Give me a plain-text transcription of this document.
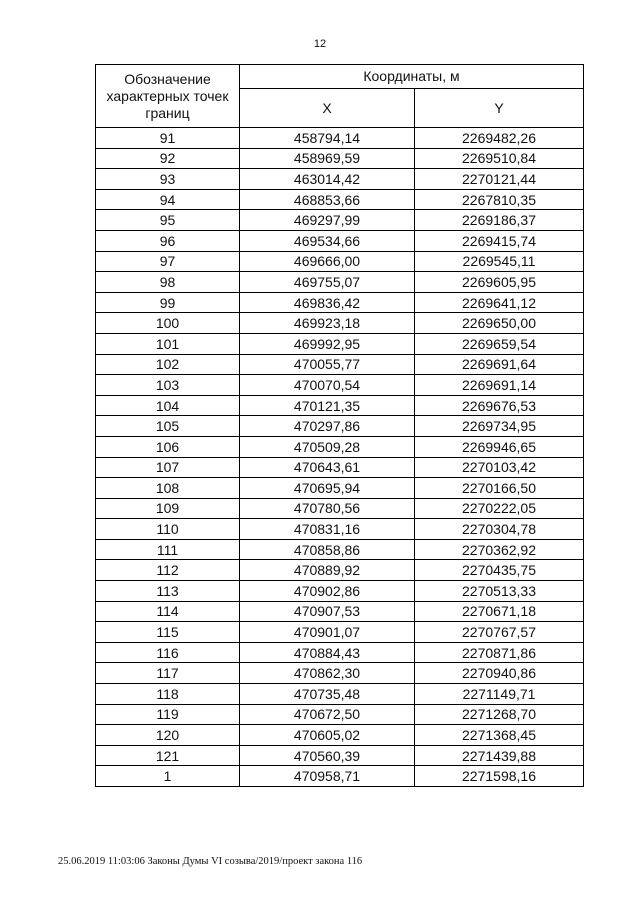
12
Обозначение характерных точек границ	Координаты, м	
	X	Y
91	458794,14	2269482,26
92	458969,59	2269510,84
93	463014,42	2270121,44
94	468853,66	2267810,35
95	469297,99	2269186,37
96	469534,66	2269415,74
97	469666,00	2269545,11
98	469755,07	2269605,95
99	469836,42	2269641,12
100	469923,18	2269650,00
101	469992,95	2269659,54
102	470055,77	2269691,64
103	470070,54	2269691,14
104	470121,35	2269676,53
105	470297,86	2269734,95
106	470509,28	2269946,65
107	470643,61	2270103,42
108	470695,94	2270166,50
109	470780,56	2270222,05
110	470831,16	2270304,78
111	470858,86	2270362,92
112	470889,92	2270435,75
113	470902,86	2270513,33
114	470907,53	2270671,18
115	470901,07	2270767,57
116	470884,43	2270871,86
117	470862,30	2270940,86
118	470735,48	2271149,71
119	470672,50	2271268,70
120	470605,02	2271368,45
121	470560,39	2271439,88
1	470958,71	2271598,16
25.06.2019 11:03:06 Законы Думы VI созыва/2019/проект закона 116
